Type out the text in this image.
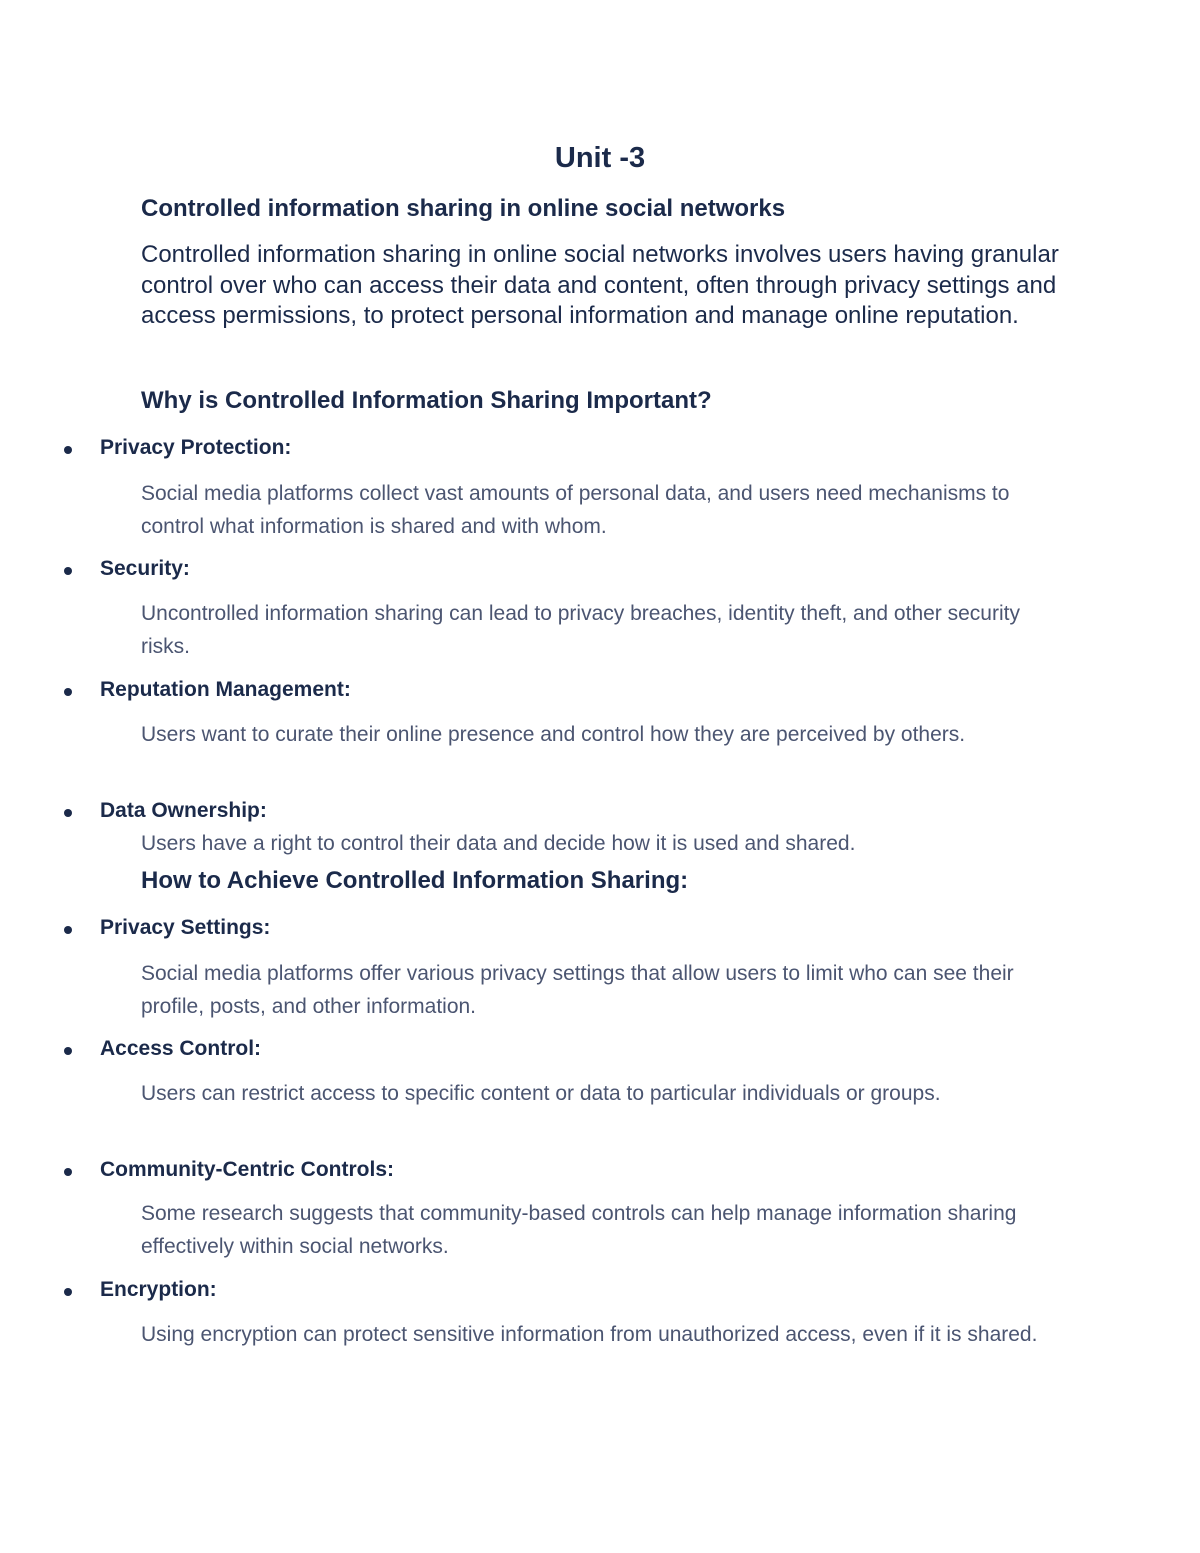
Unit -3
Controlled information sharing in online social networks

Controlled information sharing in online social networks involves users having granular control over who can access their data and content, often through privacy settings and access permissions, to protect personal information and manage online reputation.

Why is Controlled Information Sharing Important?
Privacy Protection:

Social media platforms collect vast amounts of personal data, and users need mechanisms to control what information is shared and with whom.

Security:

Uncontrolled information sharing can lead to privacy breaches, identity theft, and other security risks.

Reputation Management:

Users want to curate their online presence and control how they are perceived by others.

Data Ownership:

Users have a right to control their data and decide how it is used and shared.

How to Achieve Controlled Information Sharing:
Privacy Settings:

Social media platforms offer various privacy settings that allow users to limit who can see their profile, posts, and other information.

Access Control:

Users can restrict access to specific content or data to particular individuals or groups.

Community-Centric Controls:

Some research suggests that community-based controls can help manage information sharing effectively within social networks.

Encryption:

Using encryption can protect sensitive information from unauthorized access, even if it is shared.
